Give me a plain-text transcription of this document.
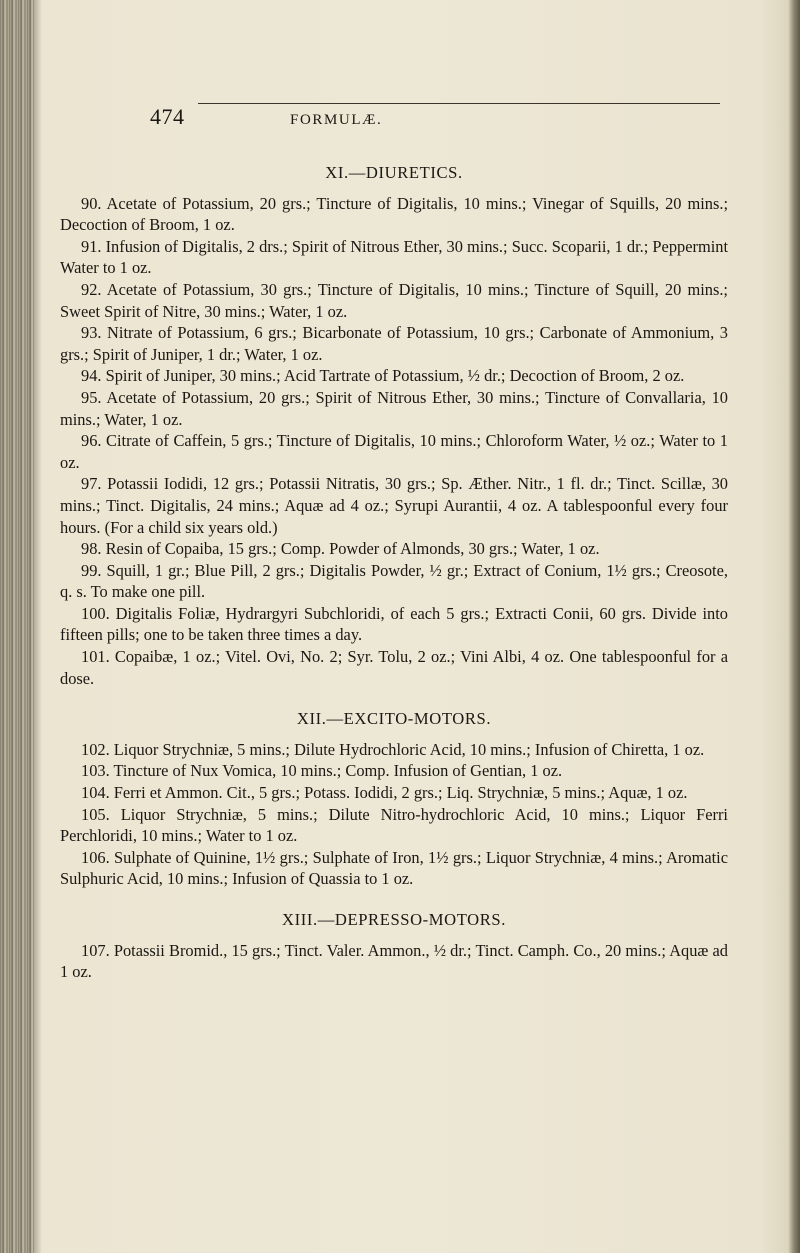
474	FORMULÆ.
XI.—DIURETICS.

90. Acetate of Potassium, 20 grs.; Tincture of Digitalis, 10 mins.; Vinegar of Squills, 20 mins.; Decoction of Broom, 1 oz.

91. Infusion of Digitalis, 2 drs.; Spirit of Nitrous Ether, 30 mins.; Succ. Scoparii, 1 dr.; Peppermint Water to 1 oz.

92. Acetate of Potassium, 30 grs.; Tincture of Digitalis, 10 mins.; Tincture of Squill, 20 mins.; Sweet Spirit of Nitre, 30 mins.; Water, 1 oz.

93. Nitrate of Potassium, 6 grs.; Bicarbonate of Potassium, 10 grs.; Carbonate of Ammonium, 3 grs.; Spirit of Juniper, 1 dr.; Water, 1 oz.

94. Spirit of Juniper, 30 mins.; Acid Tartrate of Potassium, ½ dr.; Decoction of Broom, 2 oz.

95. Acetate of Potassium, 20 grs.; Spirit of Nitrous Ether, 30 mins.; Tincture of Convallaria, 10 mins.; Water, 1 oz.

96. Citrate of Caffein, 5 grs.; Tincture of Digitalis, 10 mins.; Chloroform Water, ½ oz.; Water to 1 oz.

97. Potassii Iodidi, 12 grs.; Potassii Nitratis, 30 grs.; Sp. Æther. Nitr., 1 fl. dr.; Tinct. Scillæ, 30 mins.; Tinct. Digitalis, 24 mins.; Aquæ ad 4 oz.; Syrupi Aurantii, 4 oz. A tablespoonful every four hours. (For a child six years old.)

98. Resin of Copaiba, 15 grs.; Comp. Powder of Almonds, 30 grs.; Water, 1 oz.

99. Squill, 1 gr.; Blue Pill, 2 grs.; Digitalis Powder, ½ gr.; Extract of Conium, 1½ grs.; Creosote, q. s. To make one pill.

100. Digitalis Foliæ, Hydrargyri Subchloridi, of each 5 grs.; Extracti Conii, 60 grs. Divide into fifteen pills; one to be taken three times a day.

101. Copaibæ, 1 oz.; Vitel. Ovi, No. 2; Syr. Tolu, 2 oz.; Vini Albi, 4 oz. One tablespoonful for a dose.

XII.—EXCITO-MOTORS.

102. Liquor Strychniæ, 5 mins.; Dilute Hydrochloric Acid, 10 mins.; Infusion of Chiretta, 1 oz.

103. Tincture of Nux Vomica, 10 mins.; Comp. Infusion of Gentian, 1 oz.

104. Ferri et Ammon. Cit., 5 grs.; Potass. Iodidi, 2 grs.; Liq. Strychniæ, 5 mins.; Aquæ, 1 oz.

105. Liquor Strychniæ, 5 mins.; Dilute Nitro-hydrochloric Acid, 10 mins.; Liquor Ferri Perchloridi, 10 mins.; Water to 1 oz.

106. Sulphate of Quinine, 1½ grs.; Sulphate of Iron, 1½ grs.; Liquor Strychniæ, 4 mins.; Aromatic Sulphuric Acid, 10 mins.; Infusion of Quassia to 1 oz.

XIII.—DEPRESSO-MOTORS.

107. Potassii Bromid., 15 grs.; Tinct. Valer. Ammon., ½ dr.; Tinct. Camph. Co., 20 mins.; Aquæ ad 1 oz.
